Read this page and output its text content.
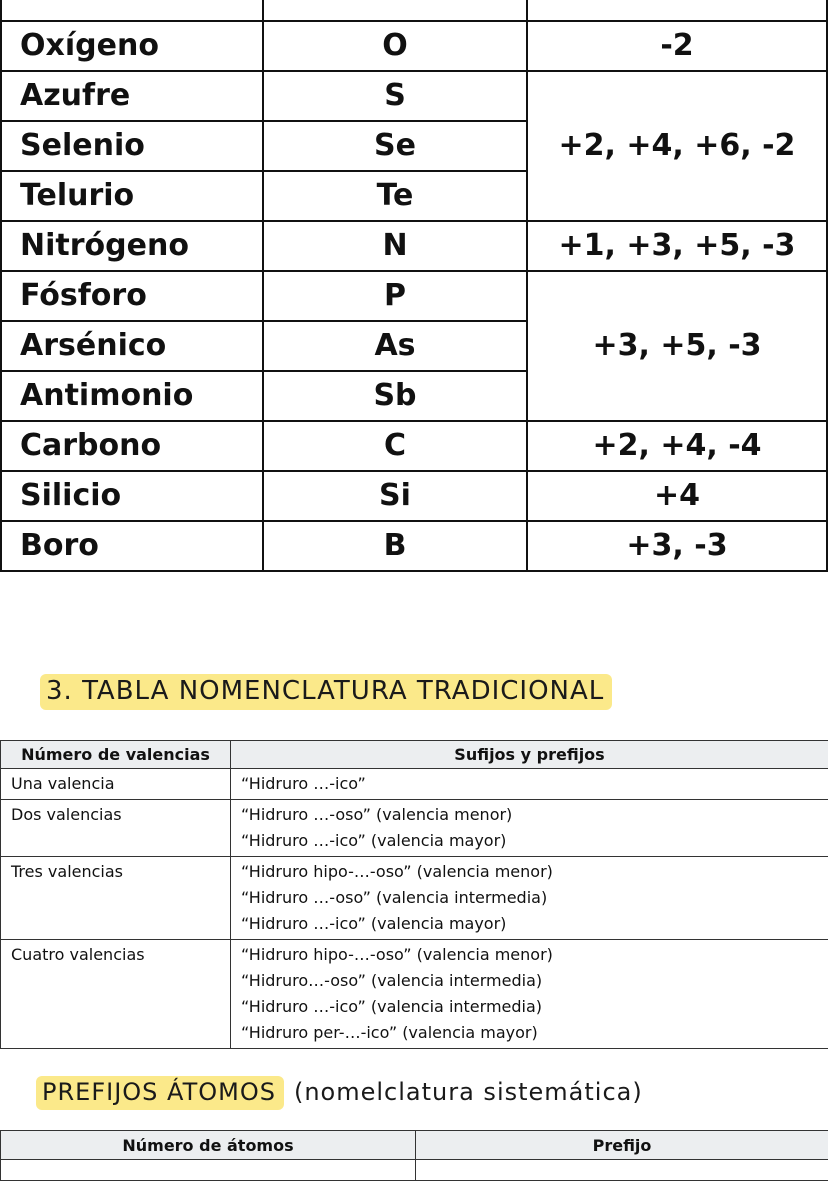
Oxígeno	O	-2
Azufre	S	+2, +4, +6, -2
Selenio	Se	
Telurio	Te	
Nitrógeno	N	+1, +3, +5, -3
Fósforo	P	+3, +5, -3
Arsénico	As	
Antimonio	Sb	
Carbono	C	+2, +4, -4
Silicio	Si	+4
Boro	B	+3, -3
3. TABLA NOMENCLATURA TRADICIONAL
Número de valencias	Sufijos y prefijos
Una valencia	“Hidruro …-ico”

Dos valencias	“Hidruro …-oso” (valencia menor)
“Hidruro …-ico” (valencia mayor)

Tres valencias	“Hidruro hipo-…-oso” (valencia menor)
“Hidruro …-oso” (valencia intermedia)
“Hidruro …-ico” (valencia mayor)

Cuatro valencias	“Hidruro hipo-…-oso” (valencia menor)
“Hidruro…-oso” (valencia intermedia)
“Hidruro …-ico” (valencia intermedia)
“Hidruro per-…-ico” (valencia mayor)
PREFIJOS ÁTOMOS (nomelclatura sistemática)
Número de átomos	Prefijo
